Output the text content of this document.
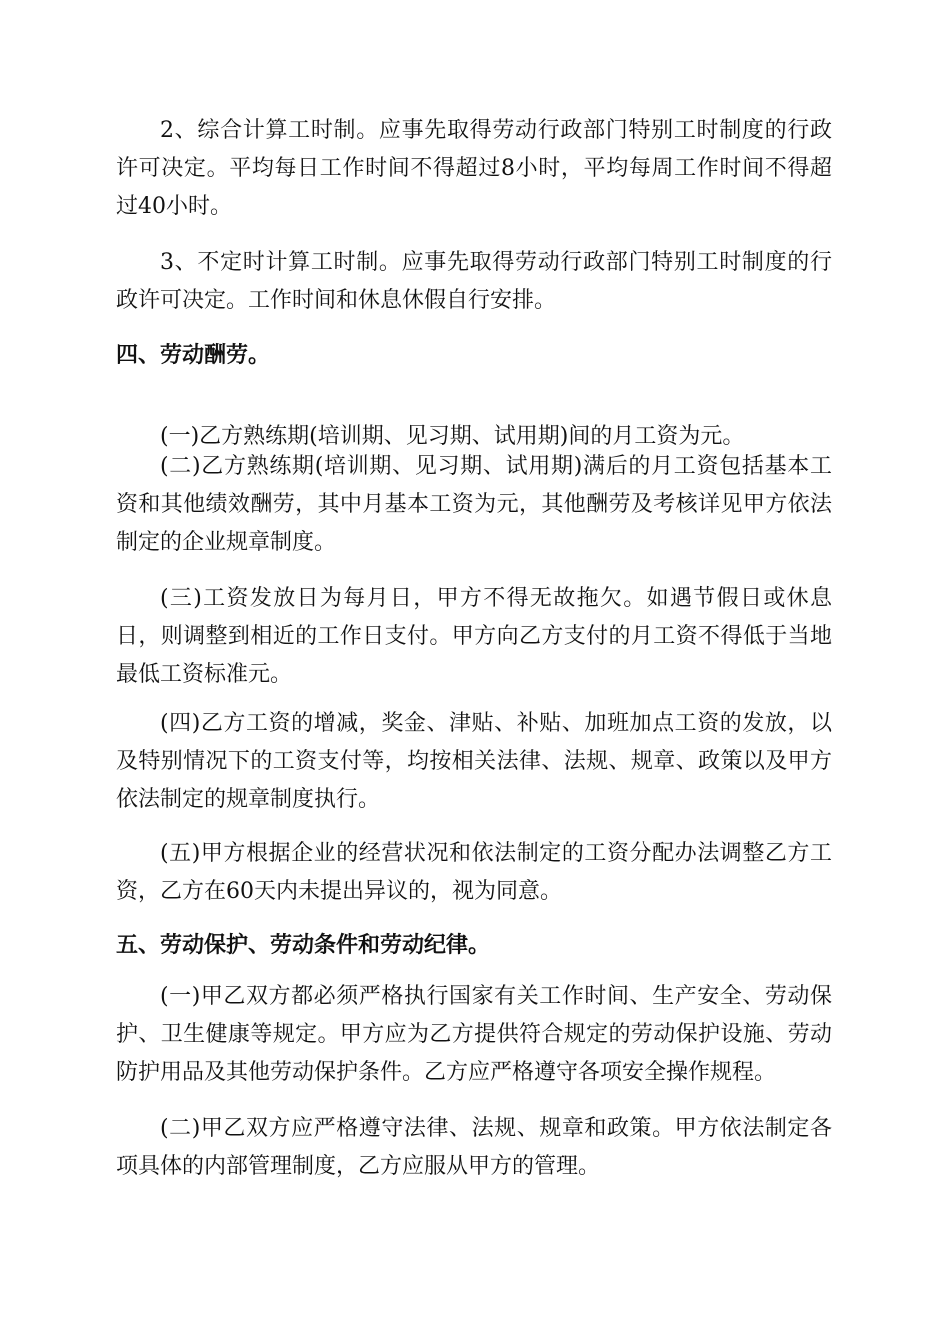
2、综合计算工时制。应事先取得劳动行政部门特别工时制度的行政许可决定。平均每日工作时间不得超过8小时，平均每周工作时间不得超过40小时。

3、不定时计算工时制。应事先取得劳动行政部门特别工时制度的行政许可决定。工作时间和休息休假自行安排。

四、劳动酬劳。

(一)乙方熟练期(培训期、见习期、试用期)间的月工资为元。

(二)乙方熟练期(培训期、见习期、试用期)满后的月工资包括基本工资和其他绩效酬劳，其中月基本工资为元，其他酬劳及考核详见甲方依法制定的企业规章制度。

(三)工资发放日为每月日，甲方不得无故拖欠。如遇节假日或休息日，则调整到相近的工作日支付。甲方向乙方支付的月工资不得低于当地最低工资标准元。

(四)乙方工资的增减，奖金、津贴、补贴、加班加点工资的发放，以及特别情况下的工资支付等，均按相关法律、法规、规章、政策以及甲方依法制定的规章制度执行。

(五)甲方根据企业的经营状况和依法制定的工资分配办法调整乙方工资，乙方在60天内未提出异议的，视为同意。

五、劳动保护、劳动条件和劳动纪律。

(一)甲乙双方都必须严格执行国家有关工作时间、生产安全、劳动保护、卫生健康等规定。甲方应为乙方提供符合规定的劳动保护设施、劳动防护用品及其他劳动保护条件。乙方应严格遵守各项安全操作规程。

(二)甲乙双方应严格遵守法律、法规、规章和政策。甲方依法制定各项具体的内部管理制度，乙方应服从甲方的管理。
